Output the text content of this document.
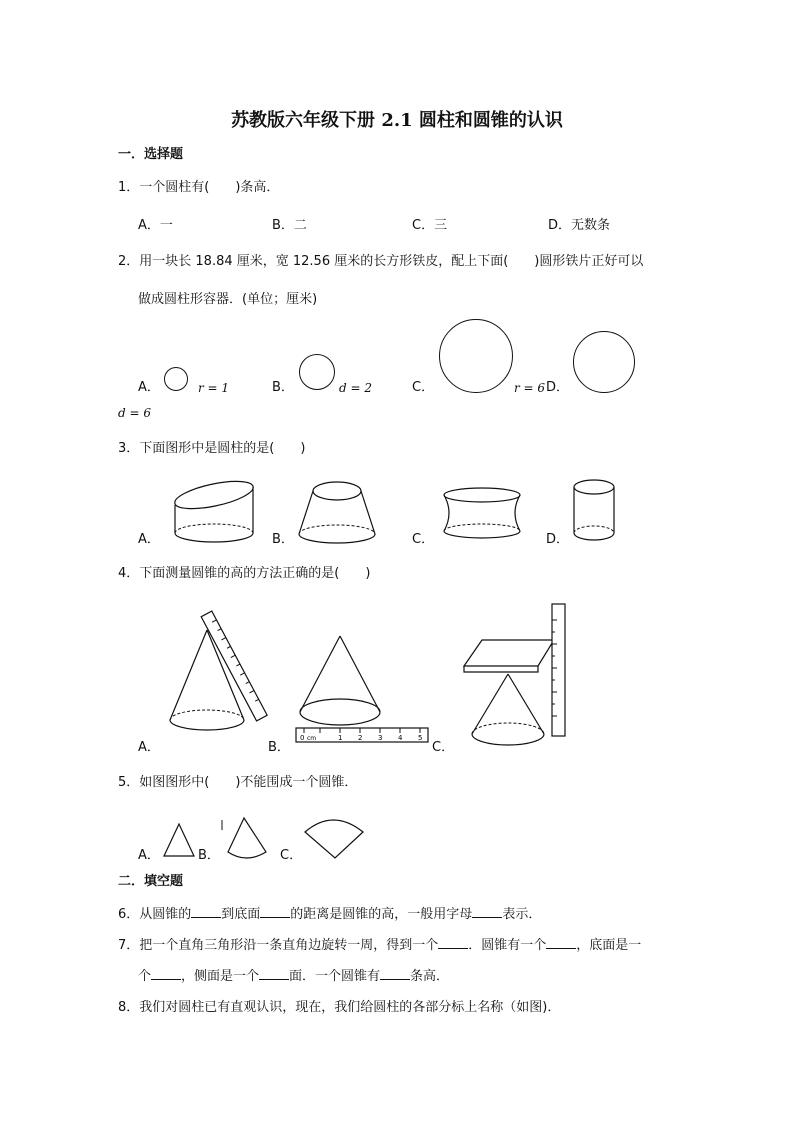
苏教版六年级下册 2.1 圆柱和圆锥的认识
一．选择题
1．一个圆柱有(　　)条高．
A．一	B．二	C．三	D．无数条
2．用一块长 18.84 厘米，宽 12.56 厘米的长方形铁皮，配上下面(　　)圆形铁片正好可以
做成圆柱形容器．(单位；厘米)
A．	r = 1	B．	d = 2	C．	r = 6 D．
d = 6
3．下面图形中是圆柱的是(　　)
A．	B．	C．	D．
4．下面测量圆锥的高的方法正确的是(　　)
A．	B．
0 cm	1 2 3 4 5
C．
5．如图图形中(　　)不能围成一个圆锥．
A．	B．	C．
二．填空题
6．从圆锥的 到底面 的距离是圆锥的高，一般用字母 表示．
7．把一个直角三角形沿一条直角边旋转一周，得到一个 ．圆锥有一个 ，底面是一
个 ，侧面是一个 面．一个圆锥有 条高．
8．我们对圆柱已有直观认识，现在，我们给圆柱的各部分标上名称（如图)．
